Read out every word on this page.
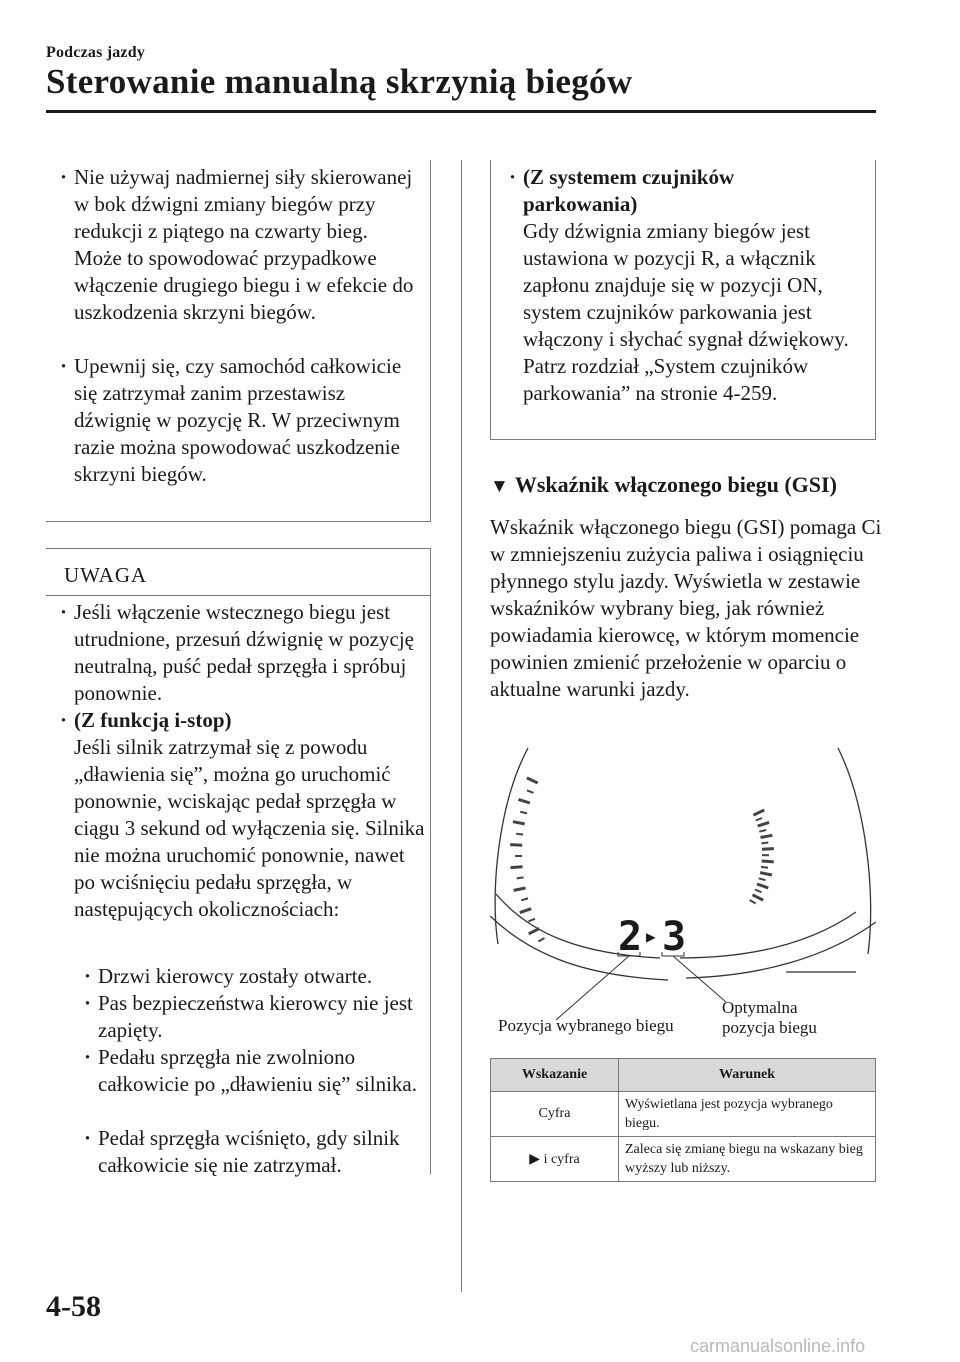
Podczas jazdy
Sterowanie manualną skrzynią biegów
· Nie używaj nadmiernej siły skierowanej w bok dźwigni zmiany biegów przy redukcji z piątego na czwarty bieg. Może to spowodować przypadkowe włączenie drugiego biegu i w efekcie do uszkodzenia skrzyni biegów.
· Upewnij się, czy samochód całkowicie się zatrzymał zanim przestawisz dźwignię w pozycję R. W przeciwnym razie można spowodować uszkodzenie skrzyni biegów.
UWAGA
· Jeśli włączenie wstecznego biegu jest utrudnione, przesuń dźwignię w pozycję neutralną, puść pedał sprzęgła i spróbuj ponownie.
· (Z funkcją i-stop)
Jeśli silnik zatrzymał się z powodu „dławienia się”, można go uruchomić ponownie, wciskając pedał sprzęgła w ciągu 3 sekund od wyłączenia się. Silnika nie można uruchomić ponownie, nawet po wciśnięciu pedału sprzęgła, w następujących okolicznościach:
· Drzwi kierowcy zostały otwarte.
· Pas bezpieczeństwa kierowcy nie jest zapięty.
· Pedału sprzęgła nie zwolniono całkowicie po „dławieniu się” silnika.
· Pedał sprzęgła wciśnięto, gdy silnik całkowicie się nie zatrzymał.
· (Z systemem czujników parkowania)
Gdy dźwignia zmiany biegów jest ustawiona w pozycji R, a włącznik zapłonu znajduje się w pozycji ON, system czujników parkowania jest włączony i słychać sygnał dźwiękowy.
Patrz rozdział „System czujników parkowania” na stronie 4-259.
▼ Wskaźnik włączonego biegu (GSI)
Wskaźnik włączonego biegu (GSI) pomaga Ci w zmniejszeniu zużycia paliwa i osiągnięciu płynnego stylu jazdy. Wyświetla w zestawie wskaźników wybrany bieg, jak również powiadamia kierowcę, w którym momencie powinien zmienić przełożenie w oparciu o aktualne warunki jazdy.
2 ▶ 3
Pozycja wybranego biegu
Optymalna
pozycja biegu
Wskazanie	Warunek
Cyfra	Wyświetlana jest pozycja wybranego biegu.
▶ i cyfra	Zaleca się zmianę biegu na wskazany bieg wyższy lub niższy.
4-58
carmanualsonline.info
